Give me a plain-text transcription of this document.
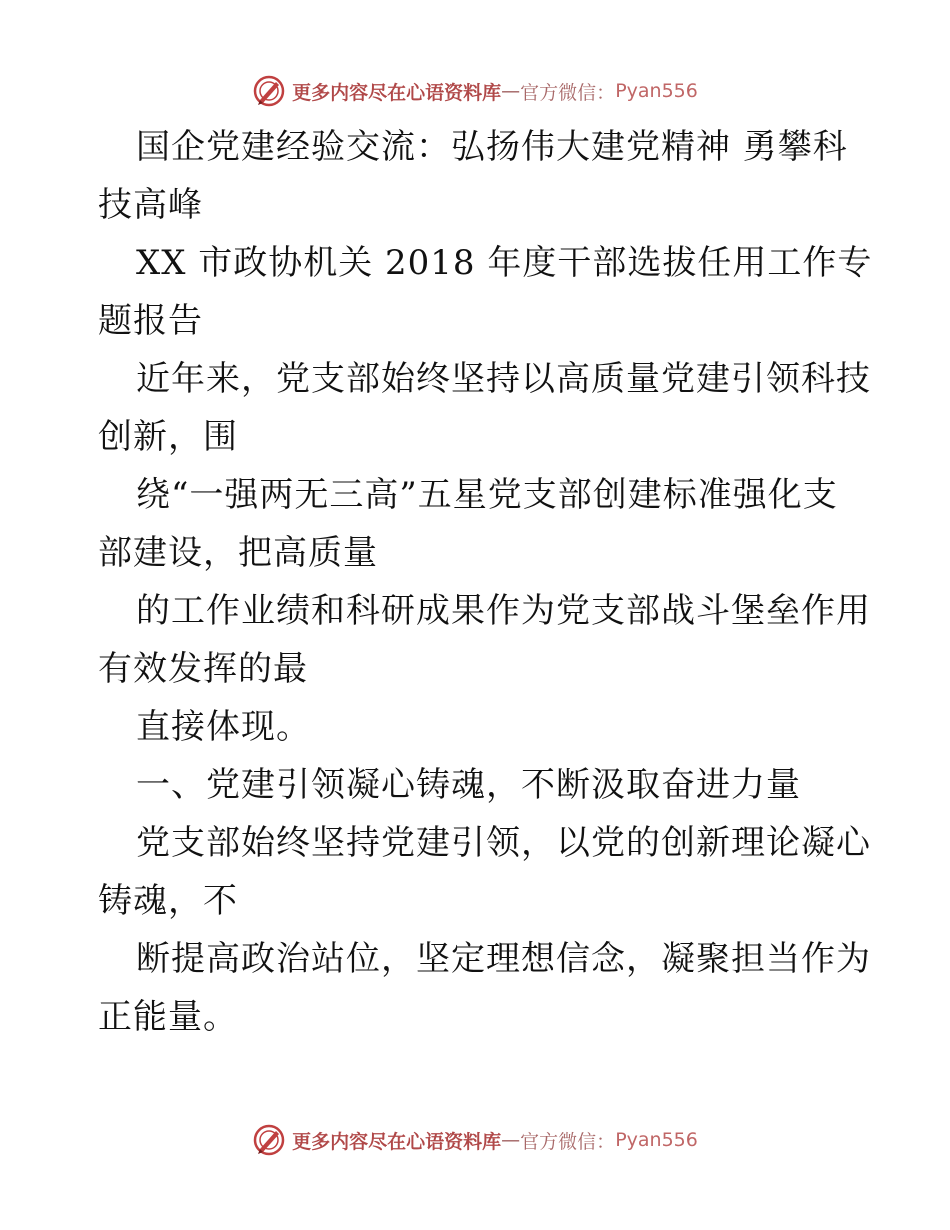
更多内容尽在心语资料库 — 官方微信： Pyan556
国企党建经验交流：弘扬伟大建党精神 勇攀科
技高峰
XX 市政协机关 2018 年度干部选拔任用工作专
题报告
近年来，党支部始终坚持以高质量党建引领科技
创新，围
绕“一强两无三高”五星党支部创建标准强化支
部建设，把高质量
的工作业绩和科研成果作为党支部战斗堡垒作用
有效发挥的最
直接体现。
一、党建引领凝心铸魂，不断汲取奋进力量
党支部始终坚持党建引领，以党的创新理论凝心
铸魂，不
断提高政治站位，坚定理想信念，凝聚担当作为
正能量。
更多内容尽在心语资料库 — 官方微信： Pyan556
